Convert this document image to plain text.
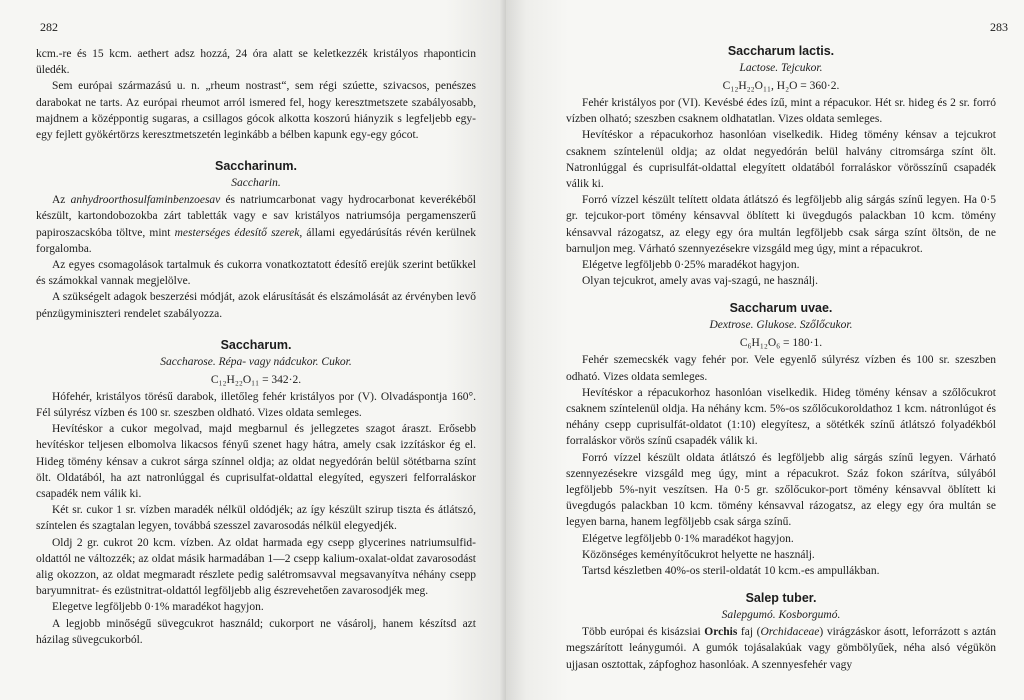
282

kcm.-re és 15 kcm. aethert adsz hozzá, 24 óra alatt se keletkezzék kristályos rhaponticin üledék.

Sem európai származású u. n. „rheum nostrast“, sem régi szúette, szivacsos, penészes darabokat ne tarts. Az európai rheumot arról ismered fel, hogy keresztmetszete szabályosabb, majdnem a középpontig sugaras, a csillagos gócok alkotta koszorú hiányzik s legfeljebb egy-egy fejlett gyökértörzs keresztmetszetén leginkább a bélben kapunk egy-egy gócot.

Saccharinum.
Saccharin.

Az anhydroorthosulfaminbenzoesav és natriumcarbonat vagy hydrocarbonat keverékéből készült, kartondobozokba zárt tabletták vagy e sav kristályos natriumsója pergamenszerű papiroszacskóba töltve, mint mesterséges édesítő szerek, állami egyedárúsítás révén kerülnek forgalomba.

Az egyes csomagolások tartalmuk és cukorra vonatkoztatott édesítő erejük szerint betűkkel és számokkal vannak megjelölve.

A szükségelt adagok beszerzési módját, azok elárusítását és elszámolását az érvényben levő pénzügyminiszteri rendelet szabályozza.

Saccharum.
Saccharose. Répa- vagy nádcukor. Cukor.
C₁₂H₂₂O₁₁ = 342·2.

Hófehér, kristályos törésű darabok, illetőleg fehér kristályos por (V). Olvadáspontja 160°. Fél súlyrész vízben és 100 sr. szeszben oldható. Vizes oldata semleges.

Hevítéskor a cukor megolvad, majd megbarnul és jellegzetes szagot áraszt. Erősebb hevítéskor teljesen elbomolva likacsos fényű szenet hagy hátra, amely csak izzításkor ég el. Hideg tömény kénsav a cukrot sárga színnel oldja; az oldat negyedórán belül sötétbarna színt ölt. Oldatából, ha azt natronlúggal és cuprisulfat-oldattal elegyíted, egyszeri felforraláskor csapadék nem válik ki.

Két sr. cukor 1 sr. vízben maradék nélkül oldódjék; az így készült szirup tiszta és átlátszó, színtelen és szagtalan legyen, továbbá szesszel zavarosodás nélkül elegyedjék.

Oldj 2 gr. cukrot 20 kcm. vízben. Az oldat harmada egy csepp glycerines natriumsulfid-oldattól ne változzék; az oldat másik harmadában 1—2 csepp kalium-oxalat-oldat zavarosodást alig okozzon, az oldat megmaradt részlete pedig salétromsavval megsavanyítva néhány csepp baryumnitrat- és ezüstnitrat-oldattól legföljebb alig észrevehetően zavarosodjék meg.

Elegetve legföljebb 0·1% maradékot hagyjon.

A legjobb minőségű süvegcukrot használd; cukorport ne vásárolj, hanem készítsd azt házilag süvegcukorból.

283
Saccharum lactis.
Lactose. Tejcukor.
C₁₂H₂₂O₁₁, H₂O = 360·2.

Fehér kristályos por (VI). Kevésbé édes ízű, mint a répacukor. Hét sr. hideg és 2 sr. forró vízben olható; szeszben csaknem oldhatatlan. Vizes oldata semleges.

Hevítéskor a répacukorhoz hasonlóan viselkedik. Hideg tömény kénsav a tejcukrot csaknem színtelenül oldja; az oldat negyedórán belül halvány citromsárga színt ölt. Natronlúggal és cuprisulfát-oldattal elegyített oldatából forraláskor vörösszínű csapadék válik ki.

Forró vízzel készült telített oldata átlátszó és legföljebb alig sárgás színű legyen. Ha 0·5 gr. tejcukor-port tömény kénsavval öblített ki üvegdugós palackban 10 kcm. tömény kénsavval rázogatsz, az elegy egy óra multán legföljebb csak sárga színt öltsön, de ne barnuljon meg. Várható szennyezésekre vizsgáld meg úgy, mint a répacukrot.

Elégetve legföljebb 0·25% maradékot hagyjon.

Olyan tejcukrot, amely avas vaj-szagú, ne használj.

Saccharum uvae.
Dextrose. Glukose. Szőlőcukor.
C₆H₁₂O₆ = 180·1.

Fehér szemecskék vagy fehér por. Vele egyenlő súlyrész vízben és 100 sr. szeszben odható. Vizes oldata semleges.

Hevítéskor a répacukorhoz hasonlóan viselkedik. Hideg tömény kénsav a szőlőcukrot csaknem színtelenül oldja. Ha néhány kcm. 5%-os szőlőcukoroldathoz 1 kcm. nátronlúgot és néhány csepp cuprisulfát-oldatot (1:10) elegyítesz, a sötétkék színű átlátszó folyadékból forraláskor vörös színű csapadék válik ki.

Forró vízzel készült oldata átlátszó és legföljebb alig sárgás színű legyen. Várható szennyezésekre vizsgáld meg úgy, mint a répacukrot. Száz fokon szárítva, súlyából legföljebb 5%-nyit veszítsen. Ha 0·5 gr. szőlőcukor-port tömény kénsavval öblített ki üvegdugós palackban 10 kcm. tömény kénsavval rázogatsz, az elegy egy óra multán se legyen barna, hanem legföljebb csak sárga színű.

Elégetve legföljebb 0·1% maradékot hagyjon.

Közönséges keményítőcukrot helyette ne használj.

Tartsd készletben 40%-os steril-oldatát 10 kcm.-es ampullákban.

Salep tuber.
Salepgumó. Kosborgumó.

Több európai és kisázsiai Orchis faj (Orchidaceae) virágzáskor ásott, leforrázott s aztán megszárított leánygumói. A gumók tojásalakúak vagy gömbölyűek, néha alsó végükön ujjasan osztottak, zápfoghoz hasonlóak. A szennyesfehér vagy
